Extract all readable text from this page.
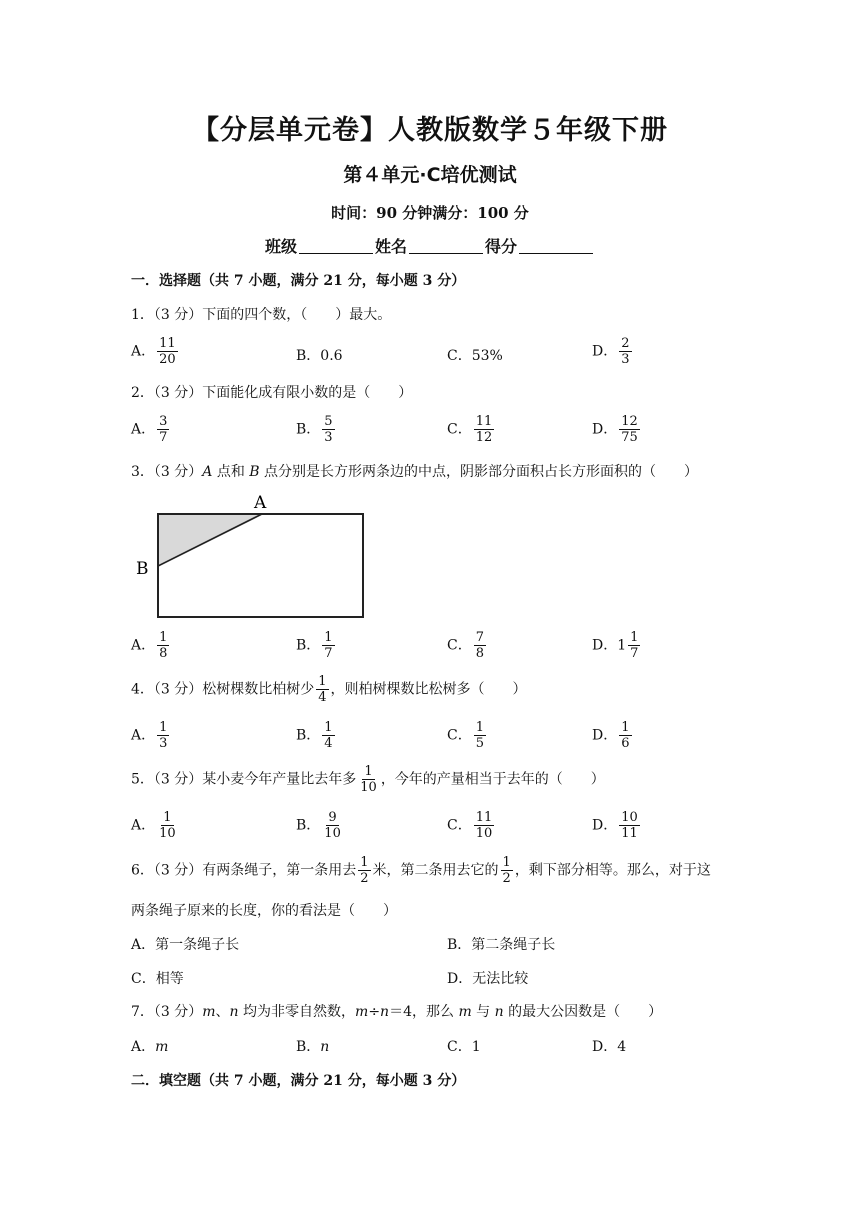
【分层单元卷】人教版数学５年级下册
第４单元·C培优测试
时间：90 分钟满分：100 分
班级	姓名	得分
一．选择题（共 7 小题，满分 21 分，每小题 3 分）
1．（3 分）下面的四个数，（　　）最大。
A． $\frac{11}{20}$	B．0.6	C．53%	D． $\frac{2}{3}$
2．（3 分）下面能化成有限小数的是（　　）
A． $\frac{3}{7}$	B． $\frac{5}{3}$	C． $\frac{11}{12}$	D． $\frac{12}{75}$
3．（3 分）A 点和 B 点分别是长方形两条边的中点，阴影部分面积占长方形面积的（　　）
A
B
A． $\frac{1}{8}$	B． $\frac{1}{7}$	C． $\frac{7}{8}$	D．$1 \frac{1}{7}$
4．（3 分）松树棵数比柏树少 $\frac{1}{4}$ ，则柏树棵数比松树多（　　）
A． $\frac{1}{3}$	B． $\frac{1}{4}$	C． $\frac{1}{5}$	D． $\frac{1}{6}$
5．（3 分）某小麦今年产量比去年多 $\frac{1}{10}$ ，今年的产量相当于去年的（　　）
A． $\frac{1}{10}$	B． $\frac{9}{10}$	C． $\frac{11}{10}$	D． $\frac{10}{11}$
6．（3 分）有两条绳子，第一条用去 $\frac{1}{2}$ 米，第二条用去它的 $\frac{1}{2}$ ，剩下部分相等。那么，对于这
两条绳子原来的长度，你的看法是（　　）
A．第一条绳子长	B．第二条绳子长
C．相等	D．无法比较
7．（3 分）m、n 均为非零自然数，m÷n＝4，那么 m 与 n 的最大公因数是（　　）
A．m	B．n	C．1	D．4
二．填空题（共 7 小题，满分 21 分，每小题 3 分）
